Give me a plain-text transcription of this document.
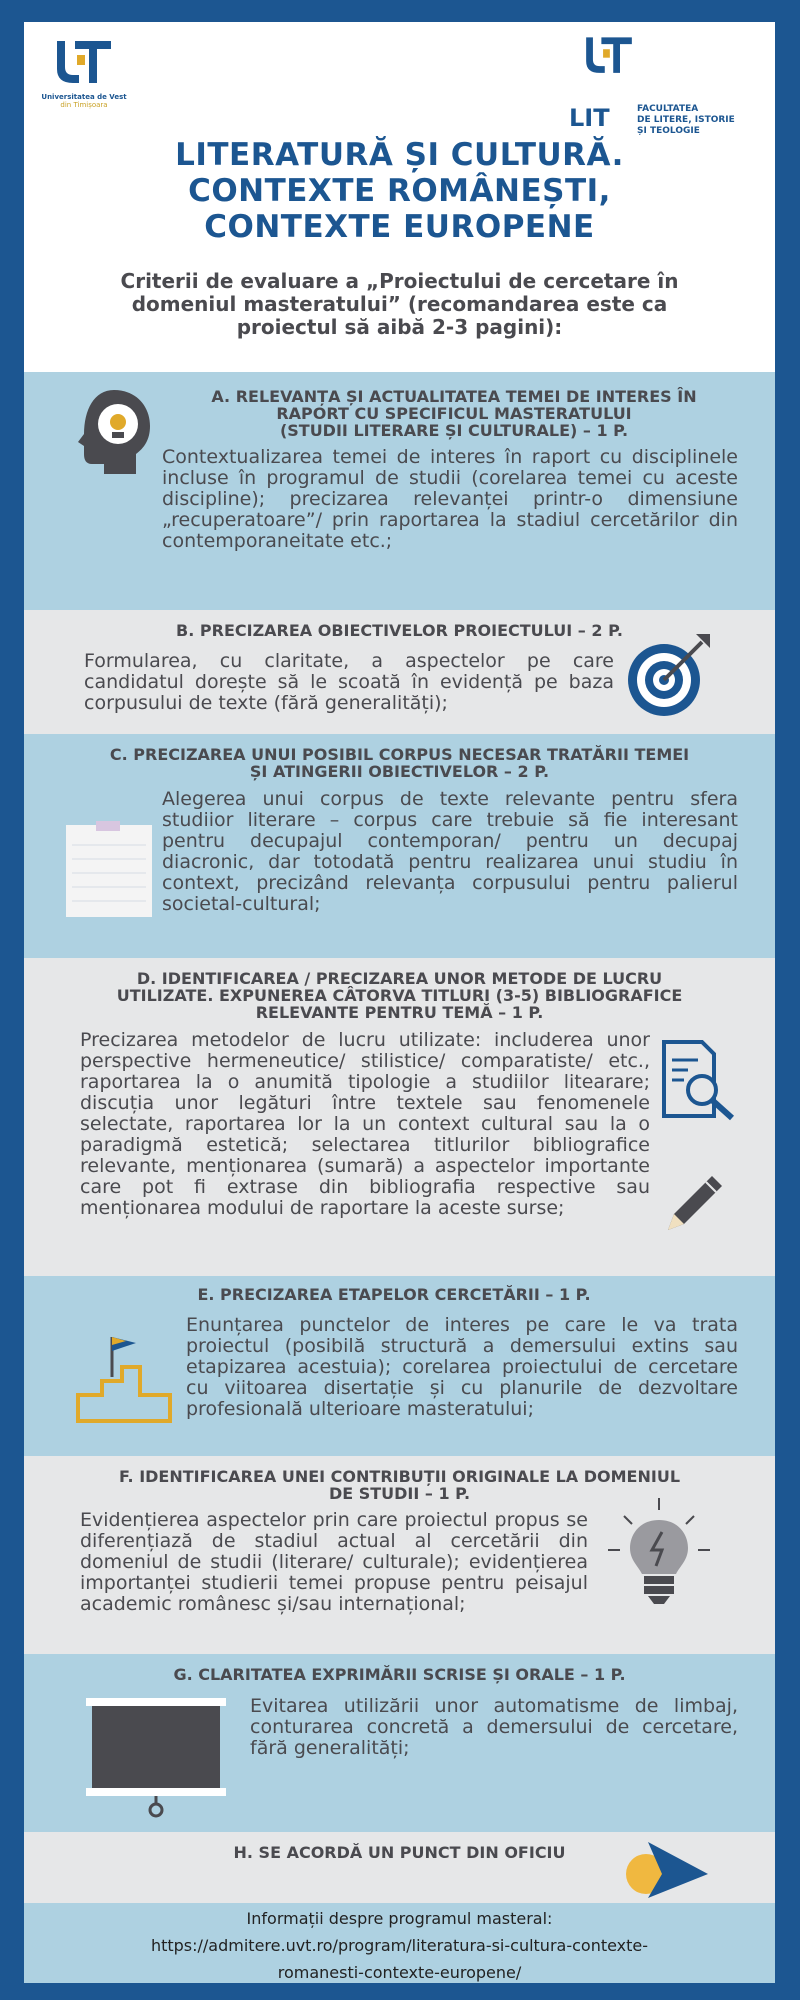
Universitatea de Vest
din Timișoara	LIT	FACULTATEA
DE LITERE, ISTORIE
ȘI TEOLOGIE
LITERATURĂ ȘI CULTURĂ.
CONTEXTE ROMÂNEȘTI,
CONTEXTE EUROPENE
Criterii de evaluare a „Proiectului de cercetare în domeniul masteratului” (recomandarea este ca proiectul să aibă 2-3 pagini):
A. RELEVANȚA ȘI ACTUALITATEA TEMEI DE INTERES ÎN
RAPORT CU SPECIFICUL MASTERATULUI
(STUDII LITERARE ȘI CULTURALE) – 1 P.
Contextualizarea temei de interes în raport cu disciplinele incluse în programul de studii (corelarea temei cu aceste discipline); precizarea relevanței printr-o dimensiune „recuperatoare”/ prin raportarea la stadiul cercetărilor din contemporaneitate etc.;
B. PRECIZAREA OBIECTIVELOR PROIECTULUI – 2 P.
Formularea, cu claritate, a aspectelor pe care candidatul dorește să le scoată în evidență pe baza corpusului de texte (fără generalități);
C. PRECIZAREA UNUI POSIBIL CORPUS NECESAR TRATĂRII TEMEI
ȘI ATINGERII OBIECTIVELOR – 2 P.
Alegerea unui corpus de texte relevante pentru sfera studiior literare – corpus care trebuie să fie interesant pentru decupajul contemporan/ pentru un decupaj diacronic, dar totodată pentru realizarea unui studiu în context, precizând relevanța corpusului pentru palierul societal-cultural;
D. IDENTIFICAREA / PRECIZAREA UNOR METODE DE LUCRU
UTILIZATE. EXPUNEREA CÂTORVA TITLURI (3-5) BIBLIOGRAFICE
RELEVANTE PENTRU TEMĂ – 1 P.
Precizarea metodelor de lucru utilizate: includerea unor perspective hermeneutice/ stilistice/ comparatiste/ etc., raportarea la o anumită tipologie a studiilor litearare; discuția unor legături între textele sau fenomenele selectate, raportarea lor la un context cultural sau la o paradigmă estetică; selectarea titlurilor bibliografice relevante, menționarea (sumară) a aspectelor importante care pot fi extrase din bibliografia respective sau menționarea modului de raportare la aceste surse;
E. PRECIZAREA ETAPELOR CERCETĂRII – 1 P.
Enunțarea punctelor de interes pe care le va trata proiectul (posibilă structură a demersului extins sau etapizarea acestuia); corelarea proiectului de cercetare cu viitoarea disertație și cu planurile de dezvoltare profesională ulterioare masteratului;
F. IDENTIFICAREA UNEI CONTRIBUȚII ORIGINALE LA DOMENIUL
DE STUDII – 1 P.
Evidențierea aspectelor prin care proiectul propus se diferențiază de stadiul actual al cercetării din domeniul de studii (literare/ culturale); evidențierea importanței studierii temei propuse pentru peisajul academic românesc și/sau internațional;
G. CLARITATEA EXPRIMĂRII SCRISE ȘI ORALE – 1 P.
Evitarea utilizării unor automatisme de limbaj, conturarea concretă a demersului de cercetare, fără generalități;
H. SE ACORDĂ UN PUNCT DIN OFICIU
Informații despre programul masteral:
https://admitere.uvt.ro/program/literatura-si-cultura-contexte-
romanesti-contexte-europene/
